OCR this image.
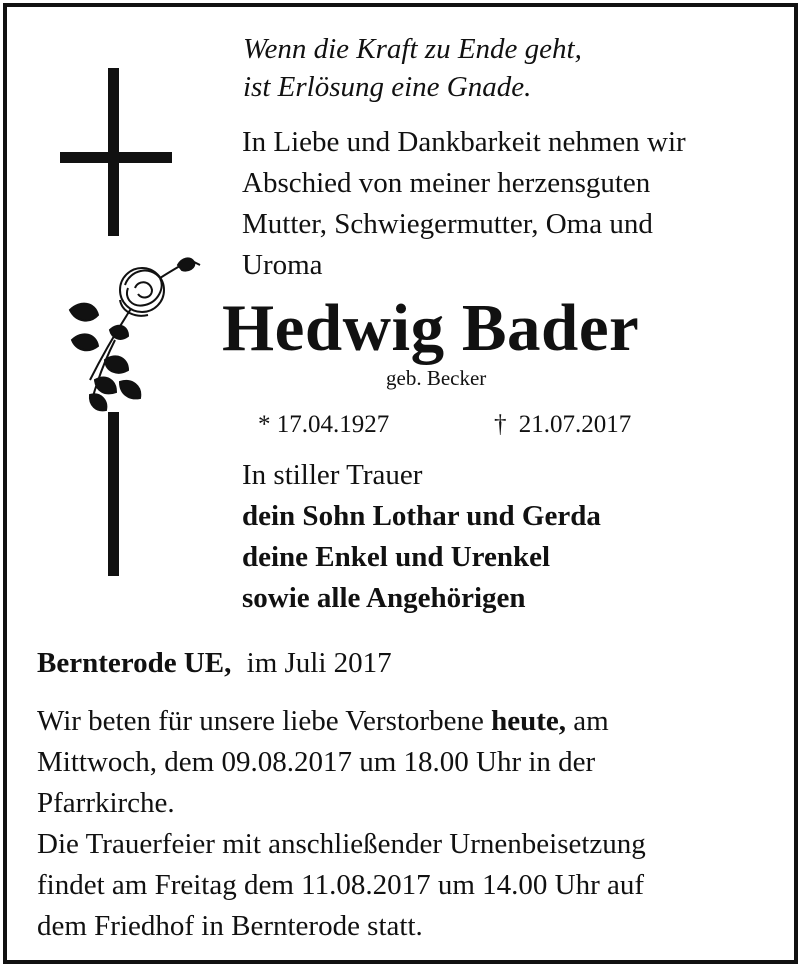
Wenn die Kraft zu Ende geht,
ist Erlösung eine Gnade.
In Liebe und Dankbarkeit nehmen wir
Abschied von meiner herzensguten
Mutter, Schwiegermutter, Oma und
Uroma
Hedwig Bader
geb. Becker
* 17.04.1927	† 21.07.2017
In stiller Trauer
dein Sohn Lothar und Gerda
deine Enkel und Urenkel
sowie alle Angehörigen
Bernterode UE, im Juli 2017
Wir beten für unsere liebe Verstorbene heute, am
Mittwoch, dem 09.08.2017 um 18.00 Uhr in der
Pfarrkirche.
Die Trauerfeier mit anschließender Urnenbeisetzung
findet am Freitag dem 11.08.2017 um 14.00 Uhr auf
dem Friedhof in Bernterode statt.
